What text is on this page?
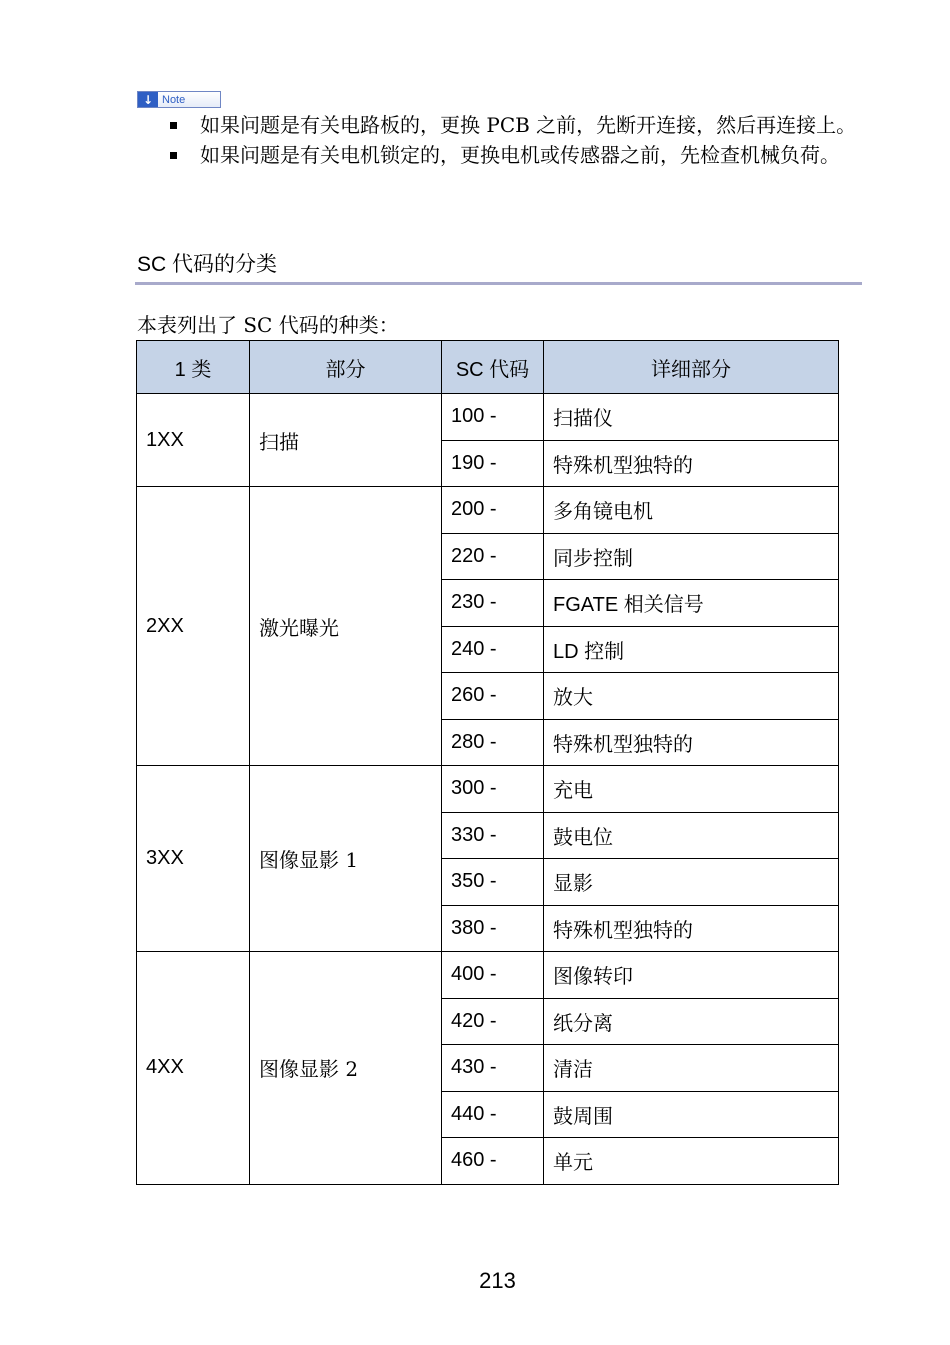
↓ Note
如果问题是有关电路板的，更换 PCB 之前，先断开连接，然后再连接上。
如果问题是有关电机锁定的，更换电机或传感器之前，先检查机械负荷。
SC 代码的分类
本表列出了 SC 代码的种类：
1 类	部分	SC 代码	详细部分
1XX	扫描	100 -	扫描仪
		190 -	特殊机型独特的
2XX	激光曝光	200 -	多角镜电机
		220 -	同步控制
		230 -	FGATE 相关信号
		240 -	LD 控制
		260 -	放大
		280 -	特殊机型独特的
3XX	图像显影 1	300 -	充电
		330 -	鼓电位
		350 -	显影
		380 -	特殊机型独特的
4XX	图像显影 2	400 -	图像转印
		420 -	纸分离
		430 -	清洁
		440 -	鼓周围
		460 -	单元
213
